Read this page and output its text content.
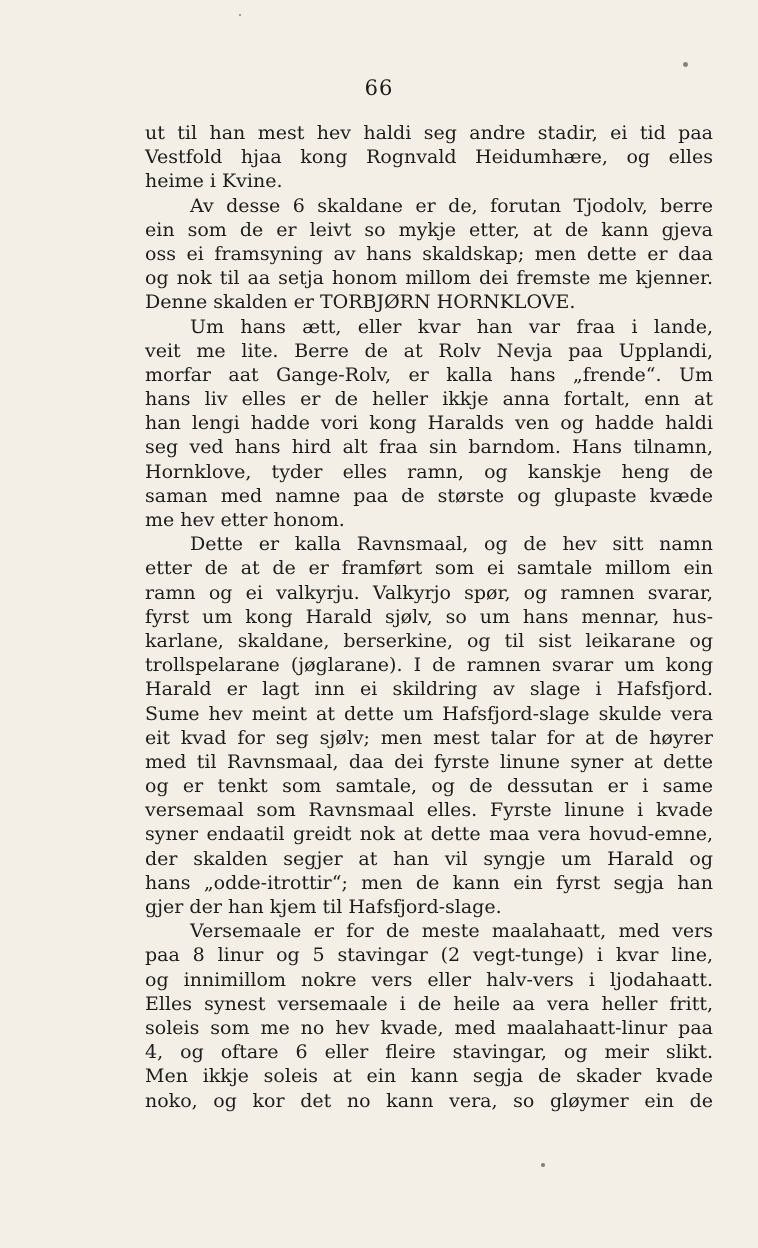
66
ut til han mest hev haldi seg andre stadir, ei tid paa
Vestfold hjaa kong Rognvald Heidumhære, og elles
heime i Kvine.
Av desse 6 skaldane er de, forutan Tjodolv, berre
ein som de er leivt so mykje etter, at de kann gjeva
oss ei framsyning av hans skaldskap; men dette er daa
og nok til aa setja honom millom dei fremste me kjenner.
Denne skalden er TORBJØRN HORNKLOVE.
Um hans ætt, eller kvar han var fraa i lande,
veit me lite. Berre de at Rolv Nevja paa Upplandi,
morfar aat Gange-Rolv, er kalla hans „frende“. Um
hans liv elles er de heller ikkje anna fortalt, enn at
han lengi hadde vori kong Haralds ven og hadde haldi
seg ved hans hird alt fraa sin barndom. Hans tilnamn,
Hornklove, tyder elles ramn, og kanskje heng de
saman med namne paa de største og glupaste kvæde
me hev etter honom.
Dette er kalla Ravnsmaal, og de hev sitt namn
etter de at de er framført som ei samtale millom ein
ramn og ei valkyrju. Valkyrjo spør, og ramnen svarar,
fyrst um kong Harald sjølv, so um hans mennar, hus-
karlane, skaldane, berserkine, og til sist leikarane og
trollspelarane (jøglarane). I de ramnen svarar um kong
Harald er lagt inn ei skildring av slage i Hafsfjord.
Sume hev meint at dette um Hafsfjord-slage skulde vera
eit kvad for seg sjølv; men mest talar for at de høyrer
med til Ravnsmaal, daa dei fyrste linune syner at dette
og er tenkt som samtale, og de dessutan er i same
versemaal som Ravnsmaal elles. Fyrste linune i kvade
syner endaatil greidt nok at dette maa vera hovud-emne,
der skalden segjer at han vil syngje um Harald og
hans „odde-itrottir“; men de kann ein fyrst segja han
gjer der han kjem til Hafsfjord-slage.
Versemaale er for de meste maalahaatt, med vers
paa 8 linur og 5 stavingar (2 vegt-tunge) i kvar line,
og innimillom nokre vers eller halv-vers i ljodahaatt.
Elles synest versemaale i de heile aa vera heller fritt,
soleis som me no hev kvade, med maalahaatt-linur paa
4, og oftare 6 eller fleire stavingar, og meir slikt.
Men ikkje soleis at ein kann segja de skader kvade
noko, og kor det no kann vera, so gløymer ein de
